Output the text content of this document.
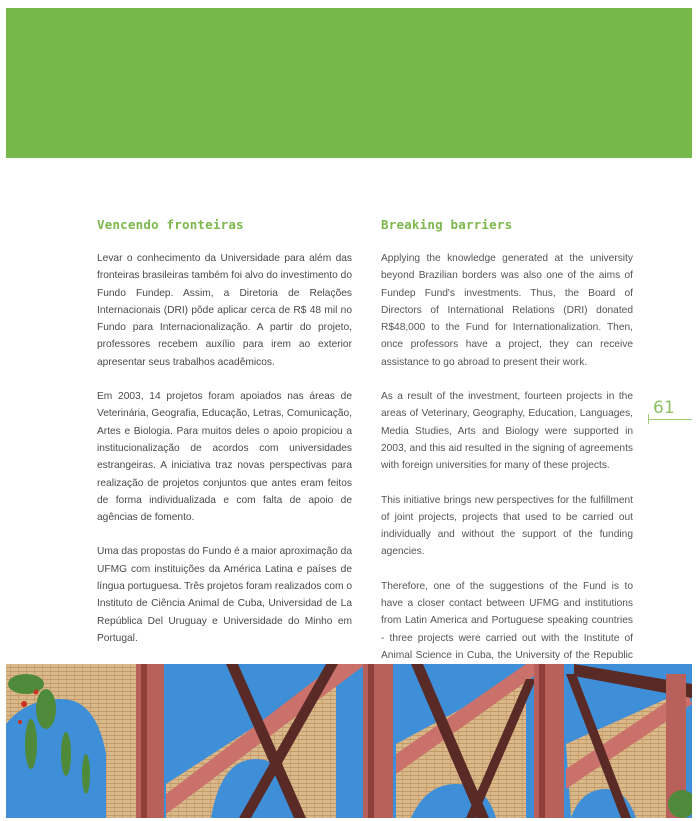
Vencendo fronteiras

Levar o conhecimento da Universidade para além das fronteiras brasileiras também foi alvo do investimento do Fundo Fundep. Assim, a Diretoria de Relações Internacionais (DRI) pôde aplicar cerca de R$ 48 mil no Fundo para Internacionalização. A partir do projeto, professores recebem auxílio para irem ao exterior apresentar seus trabalhos acadêmicos.

Em 2003, 14 projetos foram apoiados nas áreas de Veterinária, Geografia, Educação, Letras, Comunicação, Artes e Biologia. Para muitos deles o apoio propiciou a institucionalização de acordos com universidades estrangeiras. A iniciativa traz novas perspectivas para realização de projetos conjuntos que antes eram feitos de forma individualizada e com falta de apoio de agências de fomento.

Uma das propostas do Fundo é a maior aproximação da UFMG com instituições da América Latina e países de língua portuguesa. Três projetos foram realizados com o Instituto de Ciência Animal de Cuba, Universidad de La República Del Uruguay e Universidade do Minho em Portugal.

Breaking barriers

Applying the knowledge generated at the university beyond Brazilian borders was also one of the aims of Fundep Fund's investments. Thus, the Board of Directors of International Relations (DRI) donated R$48,000 to the Fund for Internationalization. Then, once professors have a project, they can receive assistance to go abroad to present their work.

As a result of the investment, fourteen projects in the areas of Veterinary, Geography, Education, Languages, Media Studies, Arts and Biology were supported in 2003, and this aid resulted in the signing of agreements with foreign universities for many of these projects.

This initiative brings new perspectives for the fulfillment of joint projects, projects that used to be carried out individually and without the support of the funding agencies.

Therefore, one of the suggestions of the Fund is to have a closer contact between UFMG and institutions from Latin America and Portuguese speaking countries - three projects were carried out with the Institute of Animal Science in Cuba, the University of the Republic

61
